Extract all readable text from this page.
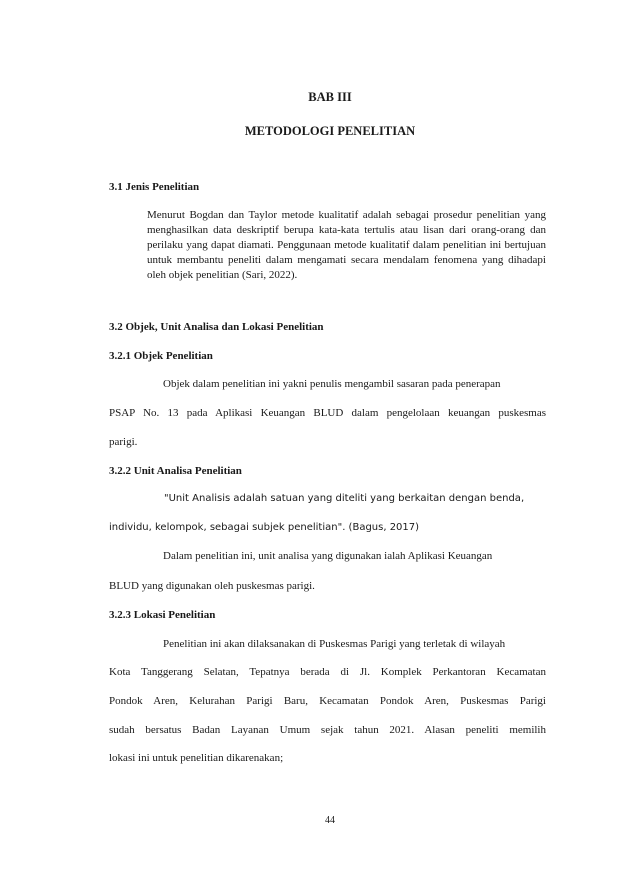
BAB III
METODOLOGI PENELITIAN
3.1 Jenis Penelitian
Menurut Bogdan dan Taylor metode kualitatif adalah sebagai prosedur penelitian yang menghasilkan data deskriptif berupa kata-kata tertulis atau lisan dari orang-orang dan perilaku yang dapat diamati. Penggunaan metode kualitatif dalam penelitian ini bertujuan untuk membantu peneliti dalam mengamati secara mendalam fenomena yang dihadapi oleh objek penelitian (Sari, 2022).
3.2 Objek, Unit Analisa dan Lokasi Penelitian
3.2.1 Objek Penelitian
Objek dalam penelitian ini yakni penulis mengambil sasaran pada penerapan
PSAP No. 13 pada Aplikasi Keuangan BLUD dalam pengelolaan keuangan puskesmas
parigi.
3.2.2 Unit Analisa Penelitian
"Unit Analisis adalah satuan yang diteliti yang berkaitan dengan benda,
individu, kelompok, sebagai subjek penelitian". (Bagus, 2017)
Dalam penelitian ini, unit analisa yang digunakan ialah Aplikasi Keuangan
BLUD yang digunakan oleh puskesmas parigi.
3.2.3 Lokasi Penelitian
Penelitian ini akan dilaksanakan di Puskesmas Parigi yang terletak di wilayah
Kota Tanggerang Selatan, Tepatnya berada di Jl. Komplek Perkantoran Kecamatan
Pondok Aren, Kelurahan Parigi Baru, Kecamatan Pondok Aren, Puskesmas Parigi
sudah bersatus Badan Layanan Umum sejak tahun 2021. Alasan peneliti memilih
lokasi ini untuk penelitian dikarenakan;
44
